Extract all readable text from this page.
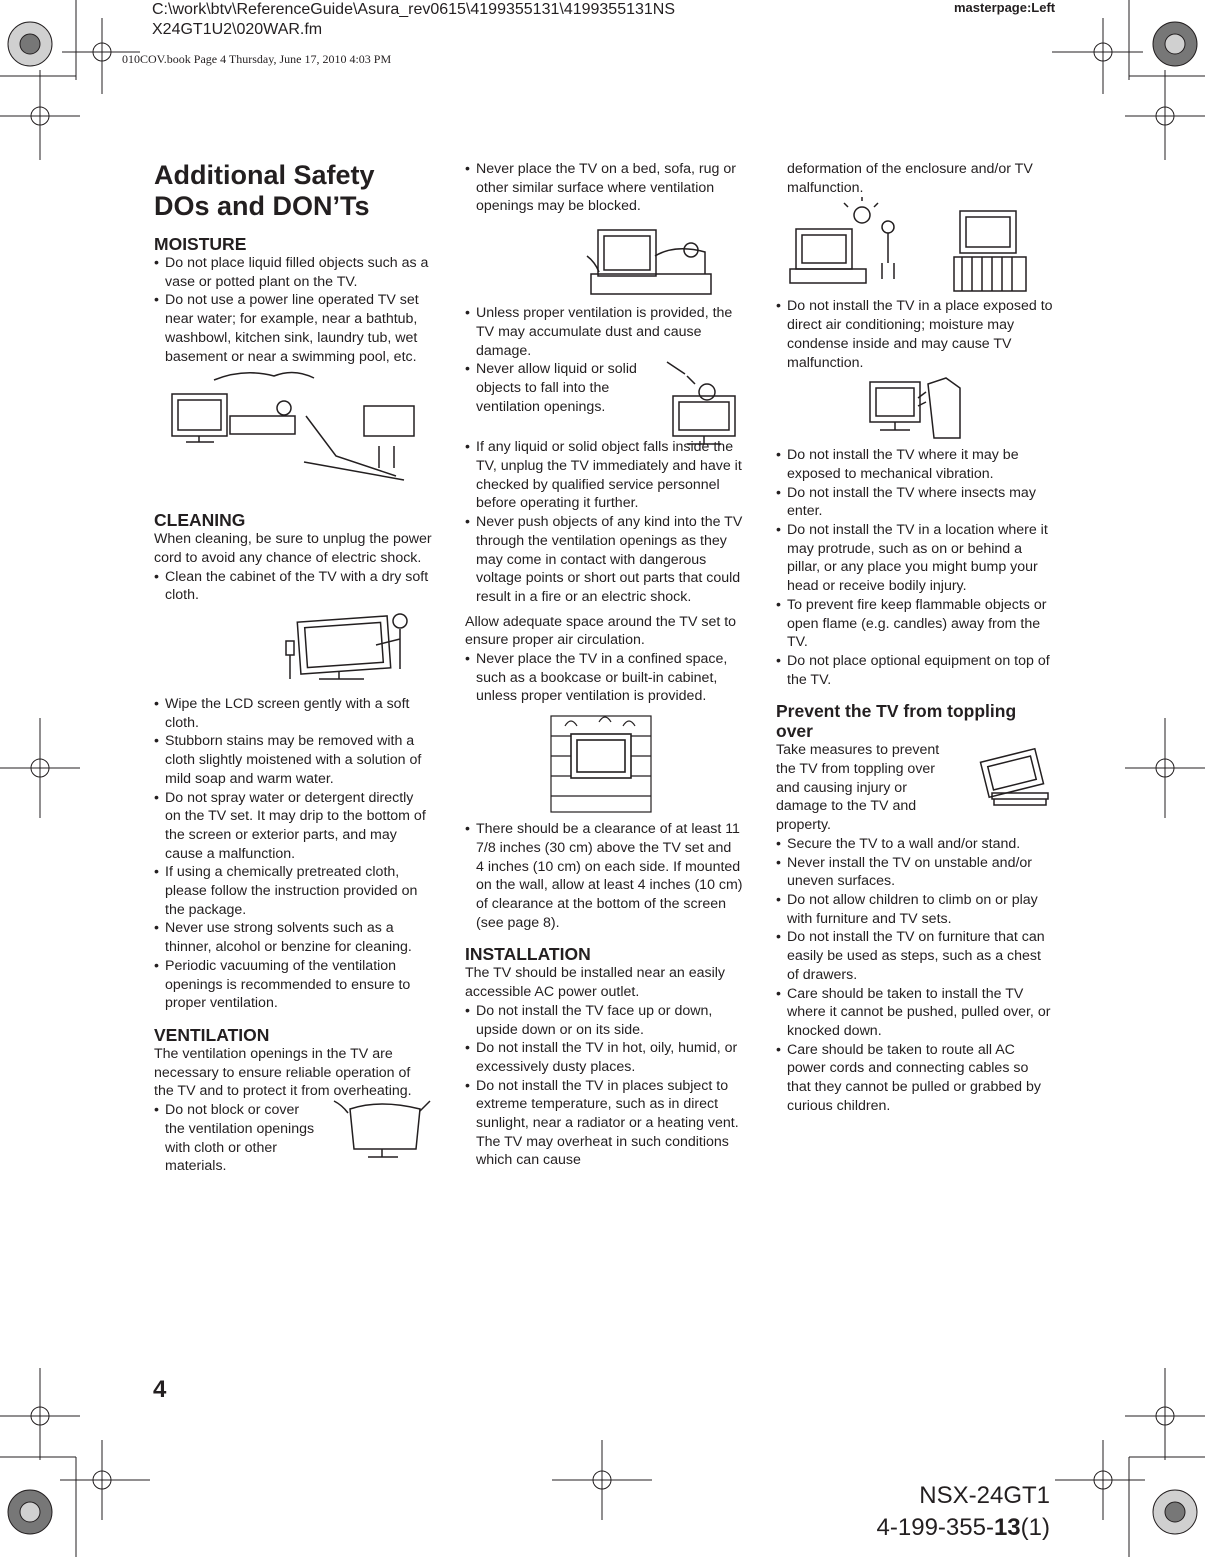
C:\work\btv\ReferenceGuide\Asura_rev0615\4199355131\4199355131NS
X24GT1U2\020WAR.fm
masterpage:Left
010COV.book Page 4 Thursday, June 17, 2010 4:03 PM
Additional Safety
DOs and DON’Ts
MOISTURE
• Do not place liquid filled objects such as a vase or potted plant on the TV.
• Do not use a power line operated TV set near water; for example, near a bathtub, washbowl, kitchen sink, laundry tub, wet basement or near a swimming pool, etc.
CLEANING

When cleaning, be sure to unplug the power cord to avoid any chance of electric shock.

• Clean the cabinet of the TV with a dry soft cloth.
• Wipe the LCD screen gently with a soft cloth.
• Stubborn stains may be removed with a cloth slightly moistened with a solution of mild soap and warm water.
• Do not spray water or detergent directly on the TV set. It may drip to the bottom of the screen or exterior parts, and may cause a malfunction.
• If using a chemically pretreated cloth, please follow the instruction provided on the package.
• Never use strong solvents such as a thinner, alcohol or benzine for cleaning.
• Periodic vacuuming of the ventilation openings is recommended to ensure to proper ventilation.
VENTILATION

The ventilation openings in the TV are necessary to ensure reliable operation of the TV and to protect it from overheating.

• Do not block or cover the ventilation openings with cloth or other materials.
• Never place the TV on a bed, sofa, rug or other similar surface where ventilation openings may be blocked.
• Unless proper ventilation is provided, the TV may accumulate dust and cause damage.
• Never allow liquid or solid objects to fall into the ventilation openings.
• If any liquid or solid object falls inside the TV, unplug the TV immediately and have it checked by qualified service personnel before operating it further.
• Never push objects of any kind into the TV through the ventilation openings as they may come in contact with dangerous voltage points or short out parts that could result in a fire or an electric shock.

Allow adequate space around the TV set to ensure proper air circulation.

• Never place the TV in a confined space, such as a bookcase or built-in cabinet, unless proper ventilation is provided.
• There should be a clearance of at least 11 7/8 inches (30 cm) above the TV set and 4 inches (10 cm) on each side. If mounted on the wall, allow at least 4 inches (10 cm) of clearance at the bottom of the screen (see page 8).
INSTALLATION

The TV should be installed near an easily accessible AC power outlet.

• Do not install the TV face up or down, upside down or on its side.
• Do not install the TV in hot, oily, humid, or excessively dusty places.
• Do not install the TV in places subject to extreme temperature, such as in direct sunlight, near a radiator or a heating vent. The TV may overheat in such conditions which can cause

deformation of the enclosure and/or TV malfunction.

• Do not install the TV in a place exposed to direct air conditioning; moisture may condense inside and may cause TV malfunction.
• Do not install the TV where it may be exposed to mechanical vibration.
• Do not install the TV where insects may enter.
• Do not install the TV in a location where it may protrude, such as on or behind a pillar, or any place you might bump your head or receive bodily injury.
• To prevent fire keep flammable objects or open flame (e.g. candles) away from the TV.
• Do not place optional equipment on top of the TV.
Prevent the TV from toppling over

Take measures to prevent the TV from toppling over and causing injury or damage to the TV and property.

• Secure the TV to a wall and/or stand.
• Never install the TV on unstable and/or uneven surfaces.
• Do not allow children to climb on or play with furniture and TV sets.
• Do not install the TV on furniture that can easily be used as steps, such as a chest of drawers.
• Care should be taken to install the TV where it cannot be pushed, pulled over, or knocked down.
• Care should be taken to route all AC power cords and connecting cables so that they cannot be pulled or grabbed by curious children.
4
NSX-24GT1
4-199-355-13(1)
